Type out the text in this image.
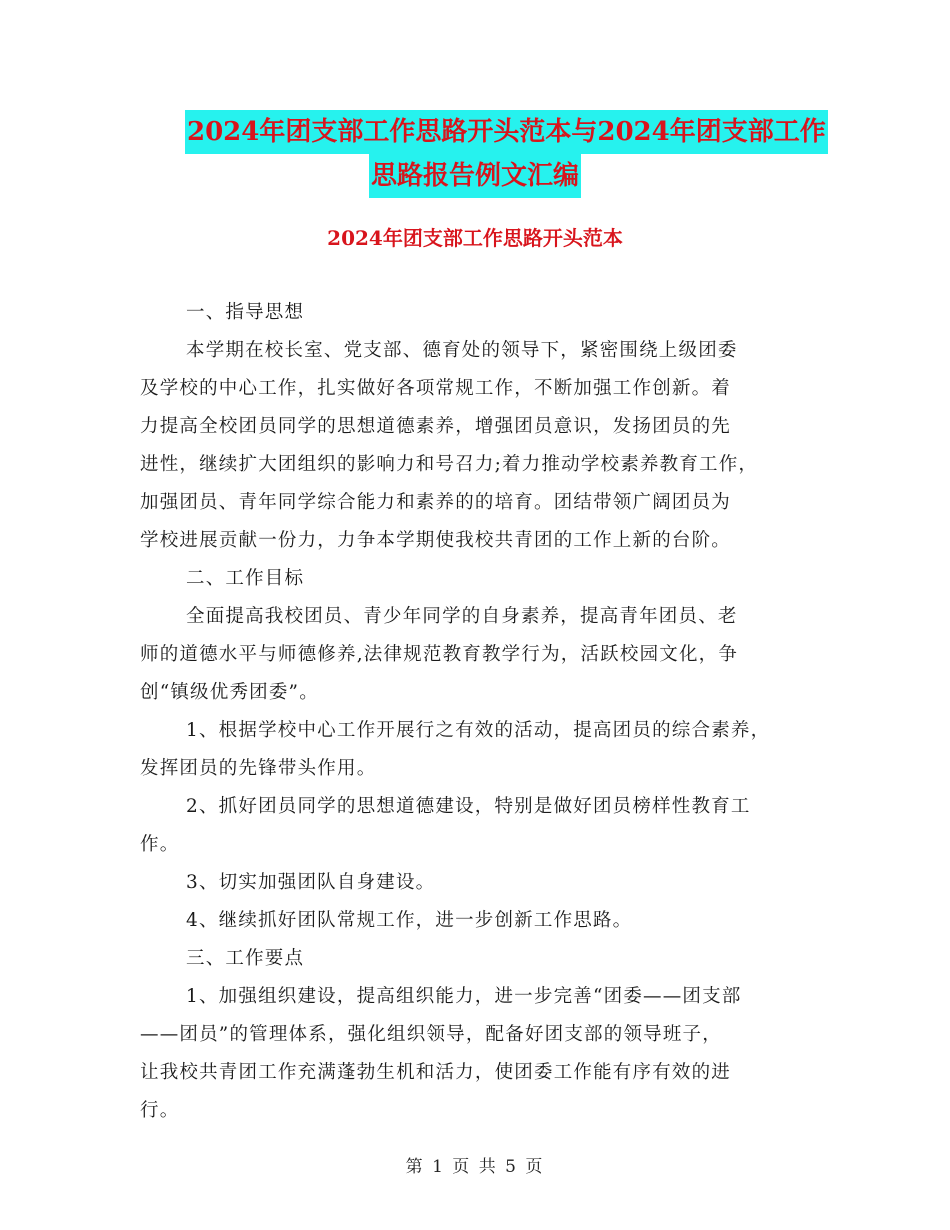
2024年团支部工作思路开头范本与2024年团支部工作
思路报告例文汇编
2024年团支部工作思路开头范本
一、指导思想
本学期在校长室、党支部、德育处的领导下，紧密围绕上级团委
及学校的中心工作，扎实做好各项常规工作，不断加强工作创新。着
力提高全校团员同学的思想道德素养，增强团员意识，发扬团员的先
进性，继续扩大团组织的影响力和号召力;着力推动学校素养教育工作，
加强团员、青年同学综合能力和素养的的培育。团结带领广阔团员为
学校进展贡献一份力，力争本学期使我校共青团的工作上新的台阶。
二、工作目标
全面提高我校团员、青少年同学的自身素养，提高青年团员、老
师的道德水平与师德修养,法律规范教育教学行为，活跃校园文化，争
创“镇级优秀团委”。
1、根据学校中心工作开展行之有效的活动，提高团员的综合素养，
发挥团员的先锋带头作用。
2、抓好团员同学的思想道德建设，特别是做好团员榜样性教育工
作。
3、切实加强团队自身建设。
4、继续抓好团队常规工作，进一步创新工作思路。
三、工作要点
1、加强组织建设，提高组织能力，进一步完善“团委——团支部
——团员”的管理体系，强化组织领导，配备好团支部的领导班子，
让我校共青团工作充满蓬勃生机和活力，使团委工作能有序有效的进
行。
第 1 页 共 5 页
